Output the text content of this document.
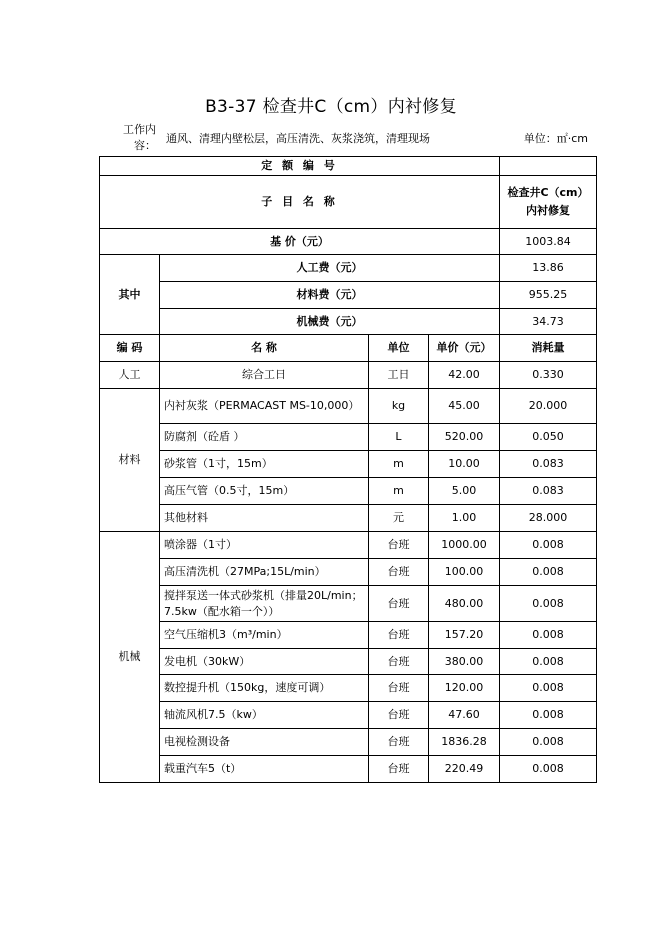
B3-37 检查井C（cm）内衬修复
工作内容：
通风、清理内壁松层，高压清洗、灰浆浇筑，清理现场	单位：㎡·cm
定 额 编 号				
子 目 名 称				检查井C（cm）内衬修复
基 价（元）				1003.84
其中	人工费（元）			13.86
	材料费（元）			955.25
	机械费（元）			34.73
编 码	名 称	单位	单价（元）	消耗量
人工	综合工日	工日	42.00	0.330
材料	内衬灰浆（PERMACAST MS-10,000）	kg	45.00	20.000
	防腐剂（砼盾 ）	L	520.00	0.050
	砂浆管（1寸，15m）	m	10.00	0.083
	高压气管（0.5寸，15m）	m	5.00	0.083
	其他材料	元	1.00	28.000
机械	喷涂器（1寸）	台班	1000.00	0.008
	高压清洗机（27MPa;15L/min）	台班	100.00	0.008
	搅拌泵送一体式砂浆机（排量20L/min；7.5kw（配水箱一个））	台班	480.00	0.008
	空气压缩机3（m³/min）	台班	157.20	0.008
	发电机（30kW）	台班	380.00	0.008
	数控提升机（150kg，速度可调）	台班	120.00	0.008
	轴流风机7.5（kw）	台班	47.60	0.008
	电视检测设备	台班	1836.28	0.008
	载重汽车5（t）	台班	220.49	0.008
